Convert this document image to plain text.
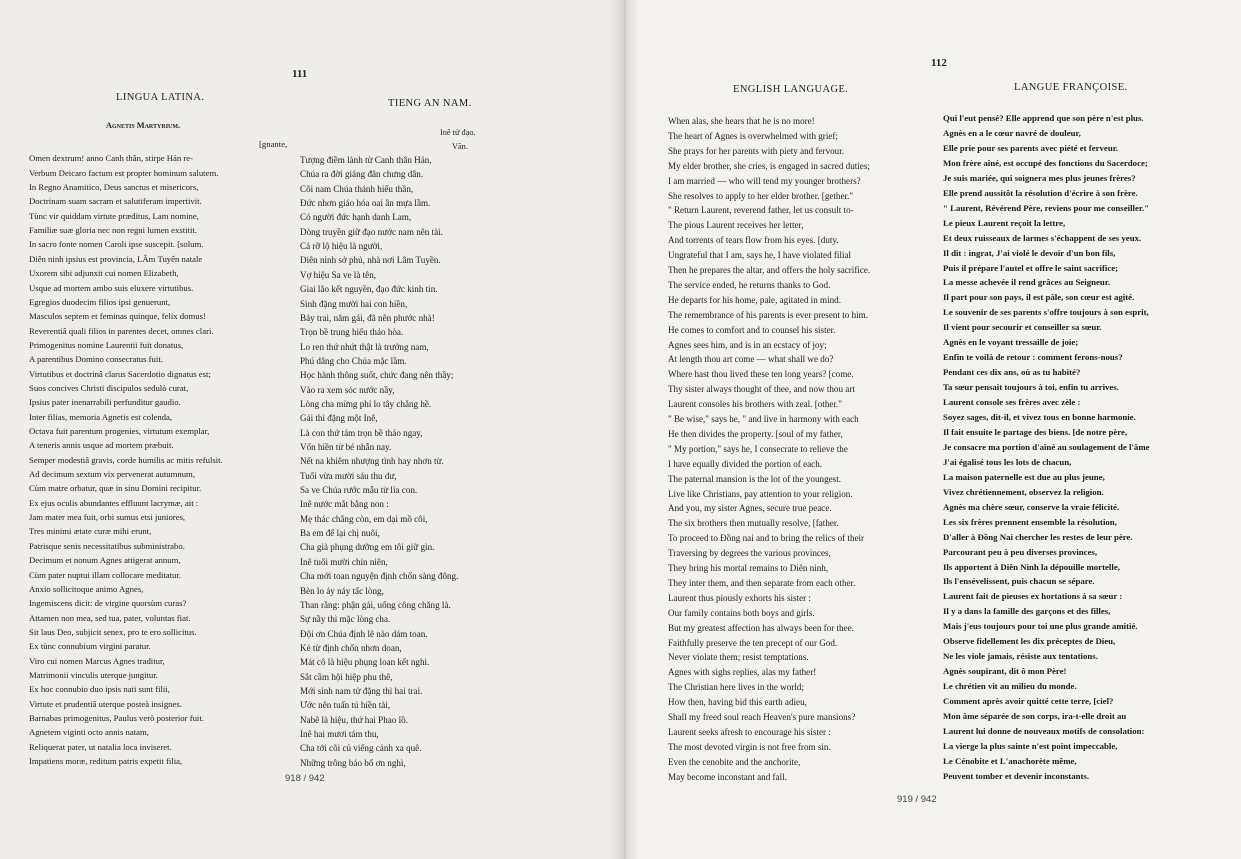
111
LINGUA LATINA.
TIENG AN NAM.
Agnetis Martyrium.
Inê tử đạo.
Vãn.
[gnante,
Omen dextrum! anno Canh thân, stirpe Hán re-
Verbum Deicaro factum est propter hominum salutem.
In Regno Anamitico, Deus sanctus et misericors,
Doctrinam suam sacram et salutiferam impertivit.
Tùnc vir quiddam virtute præditus, Lam nomine,
Familiæ suæ gloria nec non regni lumen exstitit.
In sacro fonte nomen Caroli ipse suscepit. [solum.
Diên ninh ipsius est provincia, LÂm Tuyến natale
Uxorem sibi adjunxit cui nomen Elizabeth,
Usque ad mortem ambo suis eluxere virtutibus.
Egregios duodecim filios ipsi genuerunt,
Masculos septem et feminas quinque, felix domus!
Reverentiâ quali filios in parentes decet, omnes clari.
Primogenitus nomine Laurentii fuit donatus,
A parentibus Domino consecratus fuit.
Virtutibus et doctrinâ clarus Sacerdotio dignatus est;
Suos concives Christi discipulos sedulò curat,
Ipsius pater inenarrabili perfunditur gaudio.
Inter filias, memoria Agnetis est colenda,
Octava fuit parentum progenies, virtutum exemplar,
A teneris annis usque ad mortem præbuit.
Semper modestiâ gravis, corde humilis ac mitis refulsit.
Ad decimum sextum vix pervenerat autumnum,
Cùm matre orbatur, quæ in sinu Domini recipitur.
Ex ejus oculis abundantes effluunt lacrymæ, ait :
Jam mater mea fuit, orbi sumus etsi juniores,
Tres minimi ætate curæ mihi erunt,
Patrisque senis necessitatibus subministrabo.
Decimum et nonum Agnes attigerat annum,
Cùm pater nuptui illam collocare meditatur.
Anxio sollicitoque animo Agnes,
Ingemiscens dicit: de virgine quorsùm curas?
Attamen non mea, sed tua, pater, voluntas fiat.
Sit laus Deo, subjicit senex, pro te ero sollicitus.
Ex tùnc connubium virgini paratur.
Viro cui nomen Marcus Agnes traditur,
Matrimonii vinculis uterque jungitur.
Ex hoc connubio duo ipsis nati sunt filii,
Virtute et prudentiâ uterque posteà insignes.
Barnabas primogenitus, Paulus verò posterior fuit.
Agnetem viginti octo annis natam,
Reliquerat pater, ut natalia loca inviseret.
Impatiens moræ, reditum patris expetit filia,
Tượng điềm lành từ Canh thân Hán,
Chúa ra đời giáng đãn chưng dân.
Cõi nam Chúa thánh hiếu thần,
Đức nhơn giáo hóa oai ân mựa lầm.
Có người đức hạnh danh Lam,
Dòng truyền giữ đạo nước nam nên tài.
Cả rỡ lộ hiệu là người,
Diên ninh sở phủ, nhà nơi Lâm Tuyền.
Vợ hiệu Sa ve là tên,
Giai lão kết nguyền, đạo đức kinh tin.
Sinh đặng mười hai con hiền,
Bảy trai, năm gái, đã nên phước nhà!
Trọn bề trung hiếu thảo hòa.
Lo ren thứ nhứt thật là trưởng nam,
Phú dâng cho Chúa mặc lầm.
Học hành thông suốt, chức đang nên thầy;
Vào ra xem sóc nước nầy,
Lòng cha mừng phỉ lo tây chẳng hề.
Gái thì đặng một Inê,
Là con thứ tám trọn bề thảo ngay,
Vốn hiền từ bé nhẫn nay.
Nết na khiêm nhượng tình hay nhơn từ.
Tuổi vừa mười sáu thu dư,
Sa ve Chúa rước mẫu từ lìa con.
Inê nước mắt bằng non :
Mẹ thác chẳng còn, em dại mồ côi,
Ba em để lại chị nuôi,
Cha già phụng dưỡng em tôi giữ gìn.
Inê tuổi mười chín niên,
Cha mới toan nguyện định chốn sàng đông.
Bèn lo áy náy tấc lòng,
Than rằng: phận gái, uổng công chăng là.
Sự nầy thì mặc lòng cha.
Đội ơn Chúa định lẽ nào dám toan.
Kẻ từ định chốn nhơn doan,
Mát cô là hiệu phụng loan kết nghì.
Sắt cầm hội hiệp phu thê,
Mới sinh nam tử đặng thì hai trai.
Ước nên tuấn tú hiền tài,
Nabê là hiệu, thứ hai Phao lồ.
Inê hai mươi tám thu,
Cha tới cõi củ viếng cảnh xa quê.
Những trông báo bổ ơn nghì,
918 / 942
112
ENGLISH LANGUAGE.	LANGUE FRANÇOISE.
When alas, she hears that he is no more!
The heart of Agnes is overwhelmed with grief;
She prays for her parents with piety and fervour.
My elder brother, she cries, is engaged in sacred duties;
I am married — who will tend my younger brothers?
She resolves to apply to her elder brother. [gether."
" Return Laurent, reverend father, let us consult to-
The pious Laurent receives her letter,
And torrents of tears flow from his eyes. [duty.
Ungrateful that I am, says he, I have violated filial
Then he prepares the altar, and offers the holy sacrifice.
The service ended, he returns thanks to God.
He departs for his home, pale, agitated in mind.
The remembrance of his parents is ever present to him.
He comes to comfort and to counsel his sister.
Agnes sees him, and is in an ecstacy of joy;
At length thou art come — what shall we do?
Where hast thou lived these ten long years? [come.
Thy sister always thought of thee, and now thou art
Laurent consoles his brothers with zeal. [other."
" Be wise," says he, " and live in harmony with each
He then divides the property. [soul of my father,
" My portion," says he, I consecrate to relieve the
I have equally divided the portion of each.
The paternal mansion is the lot of the youngest.
Live like Christians, pay attention to your religion.
And you, my sister Agnes, secure true peace.
The six brothers then mutually resolve, [father.
To proceed to Đồng nai and to bring the relics of their
Traversing by degrees the various provinces,
They bring his mortal remains to Diên ninh,
They inter them, and then separate from each other.
Laurent thus piously exhorts his sister :
Our family contains both boys and girls.
But my greatest affection has always been for thee.
Faithfully preserve the ten precept of our God.
Never violate them; resist temptations.
Agnes with sighs replies, alas my father!
The Christian here lives in the world;
How then, having bid this earth adieu,
Shall my freed soul reach Heaven's pure mansions?
Laurent seeks afresh to encourage his sister :
The most devoted virgin is not free from sin.
Even the cenobite and the anchorite,
May become inconstant and fall.
Qui l'eut pensé? Elle apprend que son père n'est plus.
Agnès en a le cœur navré de douleur,
Elle prie pour ses parents avec piété et ferveur.
Mon frère aîné, est occupé des fonctions du Sacerdoce;
Je suis mariée, qui soignera mes plus jeunes frères?
Elle prend aussitôt la résolution d'écrire à son frère.
" Laurent, Révérend Père, reviens pour me conseiller."
Le pieux Laurent reçoit la lettre,
Et deux ruisseaux de larmes s'échappent de ses yeux.
Il dit : ingrat, J'ai violé le devoir d'un bon fils,
Puis il prépare l'autel et offre le saint sacrifice;
La messe achevée il rend grâces au Seigneur.
Il part pour son pays, il est pâle, son cœur est agité.
Le souvenir de ses parents s'offre toujours à son esprit,
Il vient pour secourir et conseiller sa sœur.
Agnès en le voyant tressaille de joie;
Enfin te voilà de retour : comment ferons-nous?
Pendant ces dix ans, où as tu habité?
Ta sœur pensait toujours à toi, enfin tu arrives.
Laurent console ses frères avec zèle :
Soyez sages, dit-il, et vivez tous en bonne harmonie.
Il fait ensuite le partage des biens. [de notre père,
Je consacre ma portion d'aîné au soulagement de l'âme
J'ai égalisé tous les lots de chacun,
La maison paternelle est due au plus jeune,
Vivez chrétiennement, observez la religion.
Agnès ma chère sœur, conserve la vraie félicité.
Les six frères prennent ensemble la résolution,
D'aller à Đồng Nai chercher les restes de leur père.
Parcourant peu à peu diverses provinces,
Ils apportent à Diên Ninh la dépouille mortelle,
Ils l'ensévelissent, puis chacun se sépare.
Laurent fait de pieuses ex hortations à sa sœur :
Il y a dans la famille des garçons et des filles,
Mais j'eus toujours pour toi une plus grande amitié.
Observe fidellement les dix préceptes de Dieu,
Ne les viole jamais, résiste aux tentations.
Agnès soupirant, dit ô mon Père!
Le chrétien vit au milieu du monde.
Comment après avoir quitté cette terre, [ciel?
Mon âme séparée de son corps, ira-t-elle droit au
Laurent lui donne de nouveaux motifs de consolation:
La vierge la plus sainte n'est point impeccable,
Le Cénobite et L'anachorète même,
Peuvent tomber et devenir inconstants.
919 / 942
